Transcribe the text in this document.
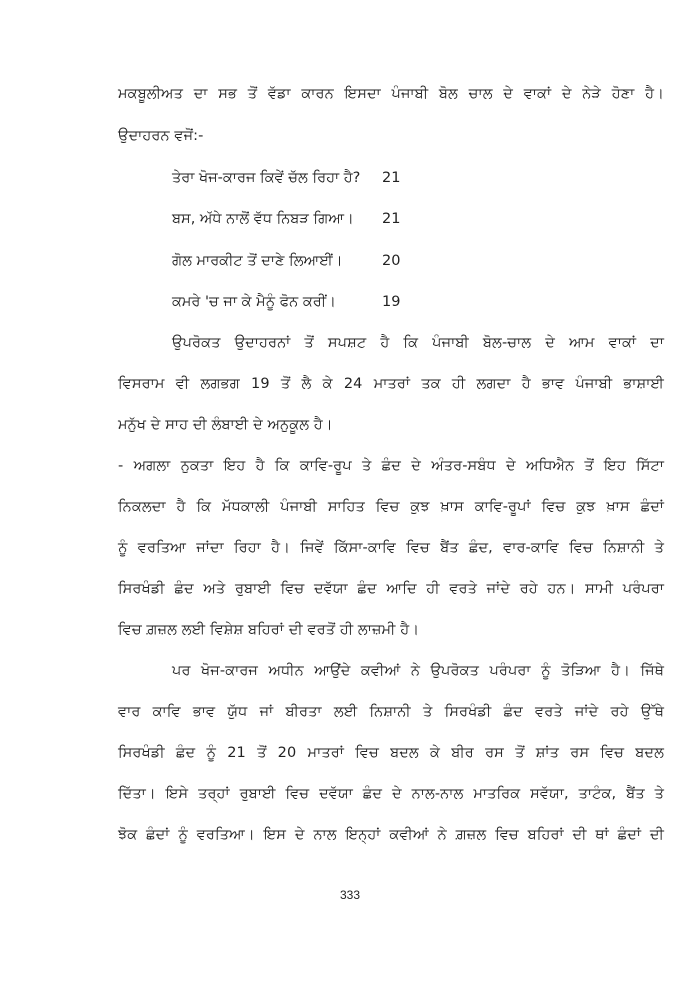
ਮਕਬੂਲੀਅਤ ਦਾ ਸਭ ਤੋਂ ਵੱਡਾ ਕਾਰਨ ਇਸਦਾ ਪੰਜਾਬੀ ਬੋਲ ਚਾਲ ਦੇ ਵਾਕਾਂ ਦੇ ਨੇੜੇ ਹੋਣਾ ਹੈ।
ਉਦਾਹਰਨ ਵਜੋਂ:-
ਤੇਰਾ ਖੋਜ-ਕਾਰਜ ਕਿਵੇਂ ਚੱਲ ਰਿਹਾ ਹੈ? 21
ਬਸ, ਅੱਧੇ ਨਾਲੋਂ ਵੱਧ ਨਿਬੜ ਗਿਆ। 21
ਗੋਲ ਮਾਰਕੀਟ ਤੋਂ ਦਾਣੇ ਲਿਆਈਂ।	20
ਕਮਰੇ 'ਚ ਜਾ ਕੇ ਮੈਨੂੰ ਫੋਨ ਕਰੀਂ।	19
ਉਪਰੋਕਤ ਉਦਾਹਰਨਾਂ ਤੋਂ ਸਪਸ਼ਟ ਹੈ ਕਿ ਪੰਜਾਬੀ ਬੋਲ-ਚਾਲ ਦੇ ਆਮ ਵਾਕਾਂ ਦਾ
ਵਿਸਰਾਮ ਵੀ ਲਗਭਗ 19 ਤੋਂ ਲੈ ਕੇ 24 ਮਾਤਰਾਂ ਤਕ ਹੀ ਲਗਦਾ ਹੈ ਭਾਵ ਪੰਜਾਬੀ ਭਾਸ਼ਾਈ
ਮਨੁੱਖ ਦੇ ਸਾਹ ਦੀ ਲੰਬਾਈ ਦੇ ਅਨੁਕੂਲ ਹੈ।
- ਅਗਲਾ ਨੁਕਤਾ ਇਹ ਹੈ ਕਿ ਕਾਵਿ-ਰੂਪ ਤੇ ਛੰਦ ਦੇ ਅੰਤਰ-ਸਬੰਧ ਦੇ ਅਧਿਐਨ ਤੋਂ ਇਹ ਸਿੱਟਾ
ਨਿਕਲਦਾ ਹੈ ਕਿ ਮੱਧਕਾਲੀ ਪੰਜਾਬੀ ਸਾਹਿਤ ਵਿਚ ਕੁਝ ਖ਼ਾਸ ਕਾਵਿ-ਰੂਪਾਂ ਵਿਚ ਕੁਝ ਖ਼ਾਸ ਛੰਦਾਂ
ਨੂੰ ਵਰਤਿਆ ਜਾਂਦਾ ਰਿਹਾ ਹੈ। ਜਿਵੇਂ ਕਿੱਸਾ-ਕਾਵਿ ਵਿਚ ਬੈਂਤ ਛੰਦ, ਵਾਰ-ਕਾਵਿ ਵਿਚ ਨਿਸ਼ਾਨੀ ਤੇ
ਸਿਰਖੰਡੀ ਛੰਦ ਅਤੇ ਰੁਬਾਈ ਵਿਚ ਦਵੱਯਾ ਛੰਦ ਆਦਿ ਹੀ ਵਰਤੇ ਜਾਂਦੇ ਰਹੇ ਹਨ। ਸਾਮੀ ਪਰੰਪਰਾ
ਵਿਚ ਗ਼ਜ਼ਲ ਲਈ ਵਿਸ਼ੇਸ਼ ਬਹਿਰਾਂ ਦੀ ਵਰਤੋਂ ਹੀ ਲਾਜ਼ਮੀ ਹੈ।
ਪਰ ਖੋਜ-ਕਾਰਜ ਅਧੀਨ ਆਉਂਦੇ ਕਵੀਆਂ ਨੇ ਉਪਰੋਕਤ ਪਰੰਪਰਾ ਨੂੰ ਤੋੜਿਆ ਹੈ। ਜਿੱਥੇ
ਵਾਰ ਕਾਵਿ ਭਾਵ ਯੁੱਧ ਜਾਂ ਬੀਰਤਾ ਲਈ ਨਿਸ਼ਾਨੀ ਤੇ ਸਿਰਖੰਡੀ ਛੰਦ ਵਰਤੇ ਜਾਂਦੇ ਰਹੇ ਉੱਥੇ
ਸਿਰਖੰਡੀ ਛੰਦ ਨੂੰ 21 ਤੋਂ 20 ਮਾਤਰਾਂ ਵਿਚ ਬਦਲ ਕੇ ਬੀਰ ਰਸ ਤੋਂ ਸ਼ਾਂਤ ਰਸ ਵਿਚ ਬਦਲ
ਦਿੱਤਾ। ਇਸੇ ਤਰ੍ਹਾਂ ਰੁਬਾਈ ਵਿਚ ਦਵੱਯਾ ਛੰਦ ਦੇ ਨਾਲ-ਨਾਲ ਮਾਤਰਿਕ ਸਵੱਯਾ, ਤਾਟੰਕ, ਬੈਂਤ ਤੇ
ਝੋਕ ਛੰਦਾਂ ਨੂੰ ਵਰਤਿਆ। ਇਸ ਦੇ ਨਾਲ ਇਨ੍ਹਾਂ ਕਵੀਆਂ ਨੇ ਗ਼ਜ਼ਲ ਵਿਚ ਬਹਿਰਾਂ ਦੀ ਥਾਂ ਛੰਦਾਂ ਦੀ
333
